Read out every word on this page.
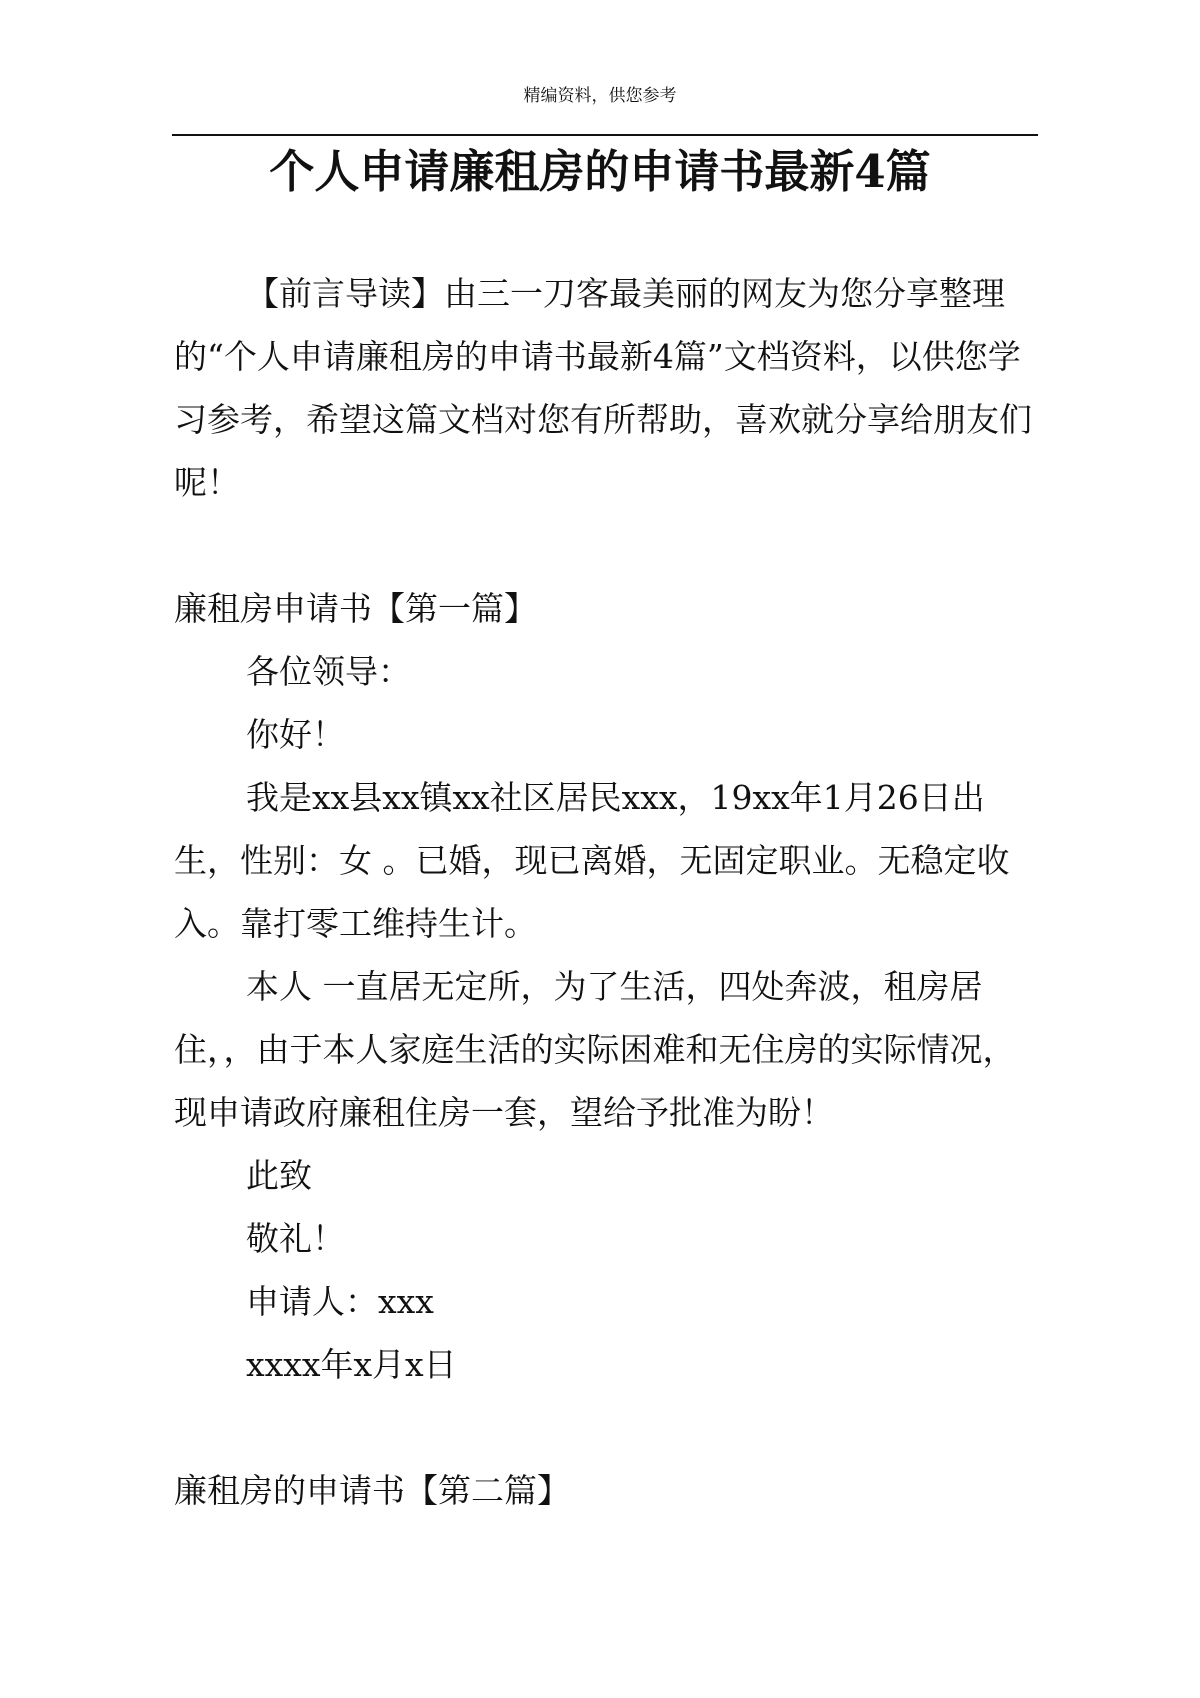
精编资料，供您参考
个人申请廉租房的申请书最新4篇

【前言导读】由三一刀客最美丽的网友为您分享整理的“个人申请廉租房的申请书最新4篇”文档资料，以供您学习参考，希望这篇文档对您有所帮助，喜欢就分享给朋友们呢！

廉租房申请书【第一篇】

各位领导：

你好！

我是xx县xx镇xx社区居民xxx，19xx年1月26日出生，性别：女 。已婚，现已离婚，无固定职业。无稳定收入。靠打零工维持生计。

本人 一直居无定所，为了生活，四处奔波，租房居住，，由于本人家庭生活的实际困难和无住房的实际情况，现申请政府廉租住房一套，望给予批准为盼！

此致

敬礼！

申请人：xxx

xxxx年x月x日

廉租房的申请书【第二篇】
